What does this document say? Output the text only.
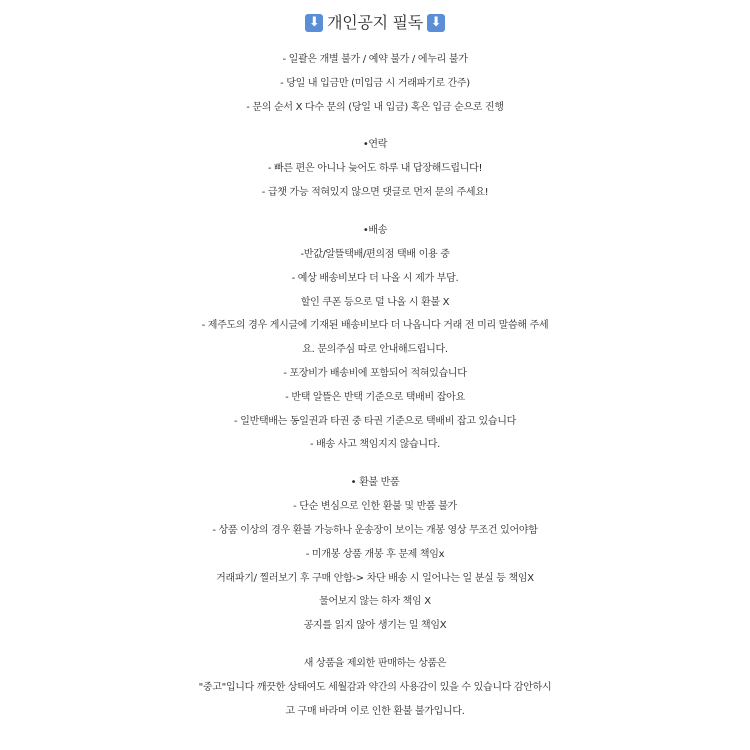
⬇ 개인공지 필독 ⬇
- 일괄은 개별 불가 / 예약 불가 / 에누리 불가
- 당일 내 입금만 (미입금 시 거래파기로 간주)
- 문의 순서 X 다수 문의 (당일 내 입금) 혹은 입금 순으로 진행
•연락
- 빠른 편은 아니나 늦어도 하루 내 답장해드립니다!
- 급챗 가능 적혀있지 않으면 댓글로 먼저 문의 주세요!
•배송
-반값/알뜰택배/편의점 택배 이용 중
- 예상 배송비보다 더 나올 시 제가 부담.
할인 쿠폰 등으로 덜 나올 시 환불 X
- 제주도의 경우 게시글에 기재된 배송비보다 더 나옵니다 거래 전 미리 말씀해 주세
요. 문의주심 따로 안내해드립니다.
- 포장비가 배송비에 포함되어 적혀있습니다
- 반택 알뜰은 반택 기준으로 택배비 잡아요
- 일반택배는 동일권과 타권 중 타권 기준으로 택배비 잡고 있습니다
- 배송 사고 책임지지 않습니다.
• 환불 반품
- 단순 변심으로 인한 환불 및 반품 불가
- 상품 이상의 경우 환불 가능하나 운송장이 보이는 개봉 영상 무조건 있어야함
- 미개봉 상품 개봉 후 문제 책임x
거래파기/ 찔러보기 후 구매 안함-> 차단 배송 시 일어나는 일 분실 등 책임X
물어보지 않는 하자 책임 X
공지를 읽지 않아 생기는 일 책임X
새 상품을 제외한 판매하는 상품은
"중고"입니다 깨끗한 상태여도 세월감과 약간의 사용감이 있을 수 있습니다 감안하시
고 구매 바라며 이로 인한 환불 불가입니다.
